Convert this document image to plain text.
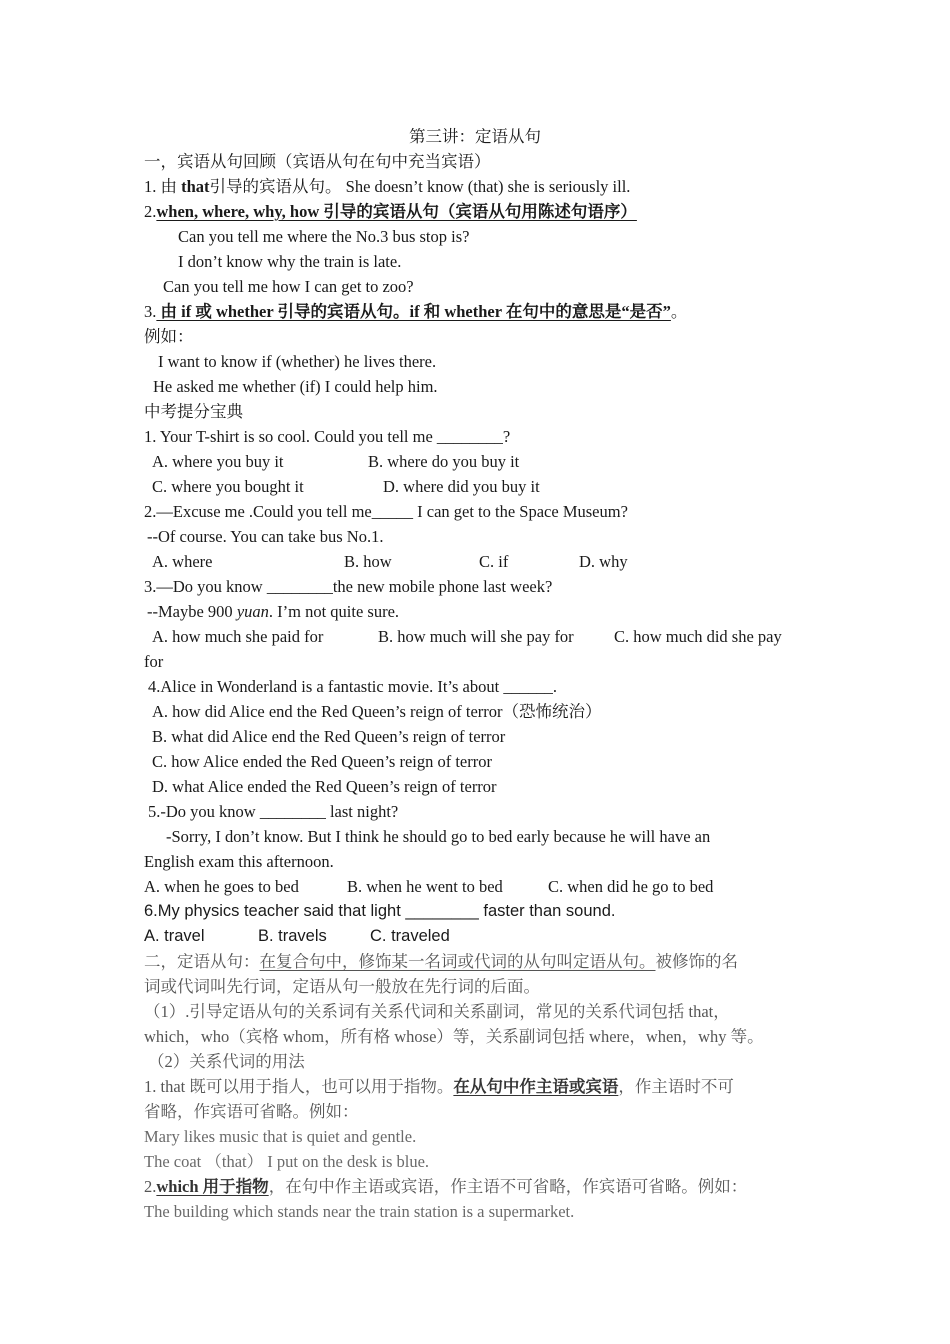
第三讲：定语从句
一，宾语从句回顾（宾语从句在句中充当宾语）
1. 由 that引导的宾语从句。 She doesn’t know (that) she is seriously ill.
2.when, where, why, how 引导的宾语从句（宾语从句用陈述句语序）
Can you tell me where the No.3 bus stop is?
I don’t know why the train is late.
Can you tell me how I can get to zoo?
3. 由 if 或 whether 引导的宾语从句。if 和 whether 在句中的意思是“是否”。
例如：
I want to know if (whether) he lives there.
He asked me whether (if) I could help him.
中考提分宝典
1. Your T-shirt is so cool. Could you tell me ________?
A. where you buy it	B. where do you buy it
C. where you bought it	D. where did you buy it
2.—Excuse me .Could you tell me_____ I can get to the Space Museum?
--Of course. You can take bus No.1.
A. where	B. how	C. if	D. why
3.—Do you know ________the new mobile phone last week?
--Maybe 900 yuan. I’m not quite sure.
A. how much she paid for	B. how much will she pay for C. how much did she pay
for
4.Alice in Wonderland is a fantastic movie. It’s about ______.
A. how did Alice end the Red Queen’s reign of terror（恐怖统治）
B. what did Alice end the Red Queen’s reign of terror
C. how Alice ended the Red Queen’s reign of terror
D. what Alice ended the Red Queen’s reign of terror
5.-Do you know ________ last night?
-Sorry, I don’t know. But I think he should go to bed early because he will have an
English exam this afternoon.
A. when he goes to bed	B. when he went to bed	C. when did he go to bed
6.My physics teacher said that light ________ faster than sound.
A. travel	B. travels	C. traveled
二，定语从句：在复合句中，修饰某一名词或代词的从句叫定语从句。被修饰的名
词或代词叫先行词，定语从句一般放在先行词的后面。
（1）.引导定语从句的关系词有关系代词和关系副词，常见的关系代词包括 that，
which，who（宾格 whom，所有格 whose）等，关系副词包括 where，when，why 等。
（2）关系代词的用法
1. that 既可以用于指人，也可以用于指物。在从句中作主语或宾语，作主语时不可
省略，作宾语可省略。例如：
Mary likes music that is quiet and gentle.
The coat （that） I put on the desk is blue.
2.which 用于指物，在句中作主语或宾语，作主语不可省略，作宾语可省略。例如：
The building which stands near the train station is a supermarket.
